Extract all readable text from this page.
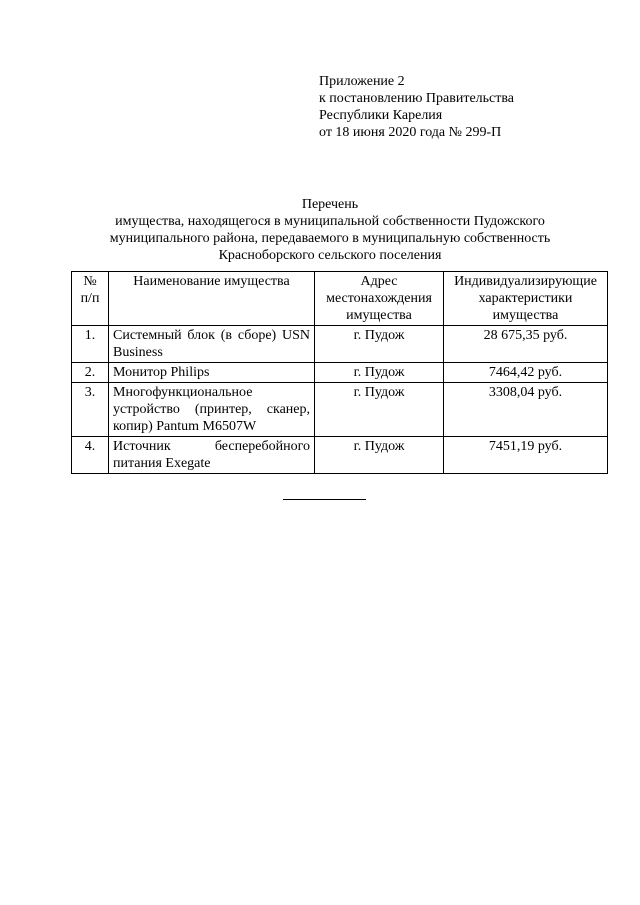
Приложение 2
к постановлению Правительства
Республики Карелия
от 18 июня 2020 года № 299-П
Перечень
имущества, находящегося в муниципальной собственности Пудожского
муниципального района, передаваемого в муниципальную собственность
Красноборского сельского поселения
№ п/п	Наименование имущества	Адрес местонахождения имущества	Индивидуализирующие характеристики имущества
1.	Системный блок (в сборе) USN Business	г. Пудож	28 675,35 руб.
2.	Монитор Philips	г. Пудож	7464,42 руб.
3.	Многофункциональное устройство (принтер, сканер, копир) Pantum M6507W	г. Пудож	3308,04 руб.
4.	Источник бесперебойного питания Exegate	г. Пудож	7451,19 руб.
